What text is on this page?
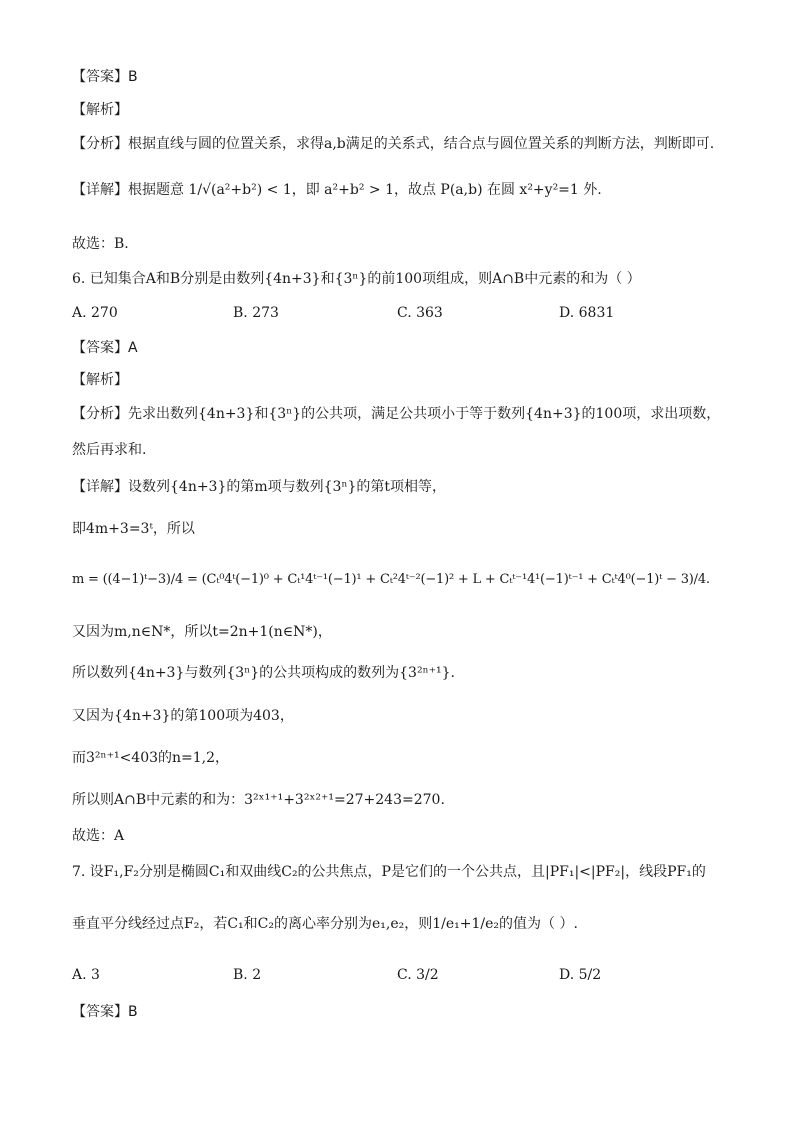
【答案】B
【解析】
【分析】根据直线与圆的位置关系，求得a,b满足的关系式，结合点与圆位置关系的判断方法，判断即可.
【详解】根据题意 1/√(a²+b²) < 1，即 a²+b² > 1，故点 P(a,b) 在圆 x²+y²=1 外.
故选：B.
6. 已知集合A和B分别是由数列{4n+3}和{3ⁿ}的前100项组成，则A∩B中元素的和为（ ）
A. 270	B. 273	C. 363	D. 6831
【答案】A
【解析】
【分析】先求出数列{4n+3}和{3ⁿ}的公共项，满足公共项小于等于数列{4n+3}的100项，求出项数，
然后再求和.
【详解】设数列{4n+3}的第m项与数列{3ⁿ}的第t项相等，
即4m+3=3ᵗ，所以
m = ((4−1)ᵗ−3)/4 = (Cₜ⁰4ᵗ(−1)⁰ + Cₜ¹4ᵗ⁻¹(−1)¹ + Cₜ²4ᵗ⁻²(−1)² + L + Cₜᵗ⁻¹4¹(−1)ᵗ⁻¹ + Cₜᵗ4⁰(−1)ᵗ − 3)/4.
又因为m,n∈N*，所以t=2n+1(n∈N*)，
所以数列{4n+3}与数列{3ⁿ}的公共项构成的数列为{3²ⁿ⁺¹}.
又因为{4n+3}的第100项为403，
而3²ⁿ⁺¹<403的n=1,2，
所以则A∩B中元素的和为：3²ˣ¹⁺¹+3²ˣ²⁺¹=27+243=270.
故选：A
7. 设F₁,F₂分别是椭圆C₁和双曲线C₂的公共焦点，P是它们的一个公共点，且|PF₁|<|PF₂|，线段PF₁的
垂直平分线经过点F₂，若C₁和C₂的离心率分别为e₁,e₂，则1/e₁+1/e₂的值为（ ）.
A. 3	B. 2	C. 3/2	D. 5/2
【答案】B
